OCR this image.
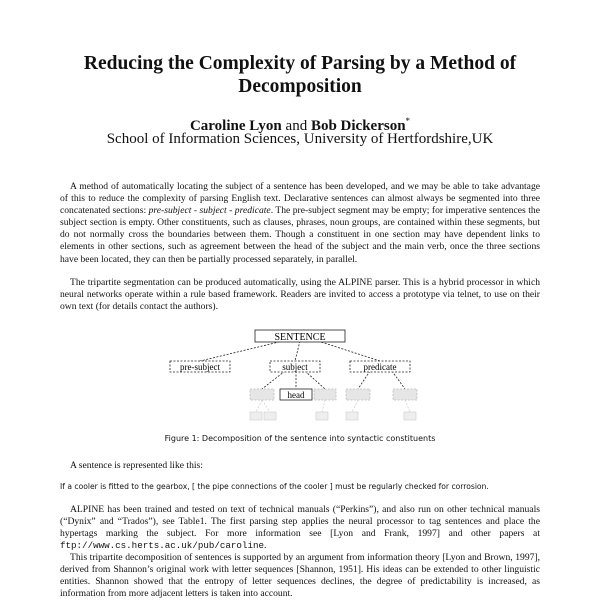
Reducing the Complexity of Parsing by a Method of
Decomposition
Caroline Lyon and Bob Dickerson*
School of Information Sciences, University of Hertfordshire,UK

A method of automatically locating the subject of a sentence has been developed, and we may be able to take advantage of this to reduce the complexity of parsing English text. Declarative sentences can almost always be segmented into three concatenated sections: pre-subject - subject - predicate. The pre-subject segment may be empty; for imperative sentences the subject section is empty. Other constituents, such as clauses, phrases, noun groups, are contained within these segments, but do not normally cross the boundaries between them. Though a constituent in one section may have dependent links to elements in other sections, such as agreement between the head of the subject and the main verb, once the three sections have been located, they can then be partially processed separately, in parallel.

The tripartite segmentation can be produced automatically, using the ALPINE parser. This is a hybrid processor in which neural networks operate within a rule based framework. Readers are invited to access a prototype via telnet, to use on their own text (for details contact the authors).

SENTENCE
pre-subject	subject	predicate
head

Figure 1: Decomposition of the sentence into syntactic constituents

A sentence is represented like this:

If a cooler is fitted to the gearbox, [ the pipe connections of the cooler ] must be regularly checked for corrosion.

ALPINE has been trained and tested on text of technical manuals (“Perkins”), and also run on other technical manuals (“Dynix” and “Trados”), see Table1. The first parsing step applies the neural processor to tag sentences and place the hypertags marking the subject. For more information see [Lyon and Frank, 1997] and other papers at ftp://www.cs.herts.ac.uk/pub/caroline.

This tripartite decomposition of sentences is supported by an argument from information theory [Lyon and Brown, 1997], derived from Shannon’s original work with letter sequences [Shannon, 1951]. His ideas can be extended to other linguistic entities. Shannon showed that the entropy of letter sequences declines, the degree of predictability is increased, as information from more adjacent letters is taken into account.
